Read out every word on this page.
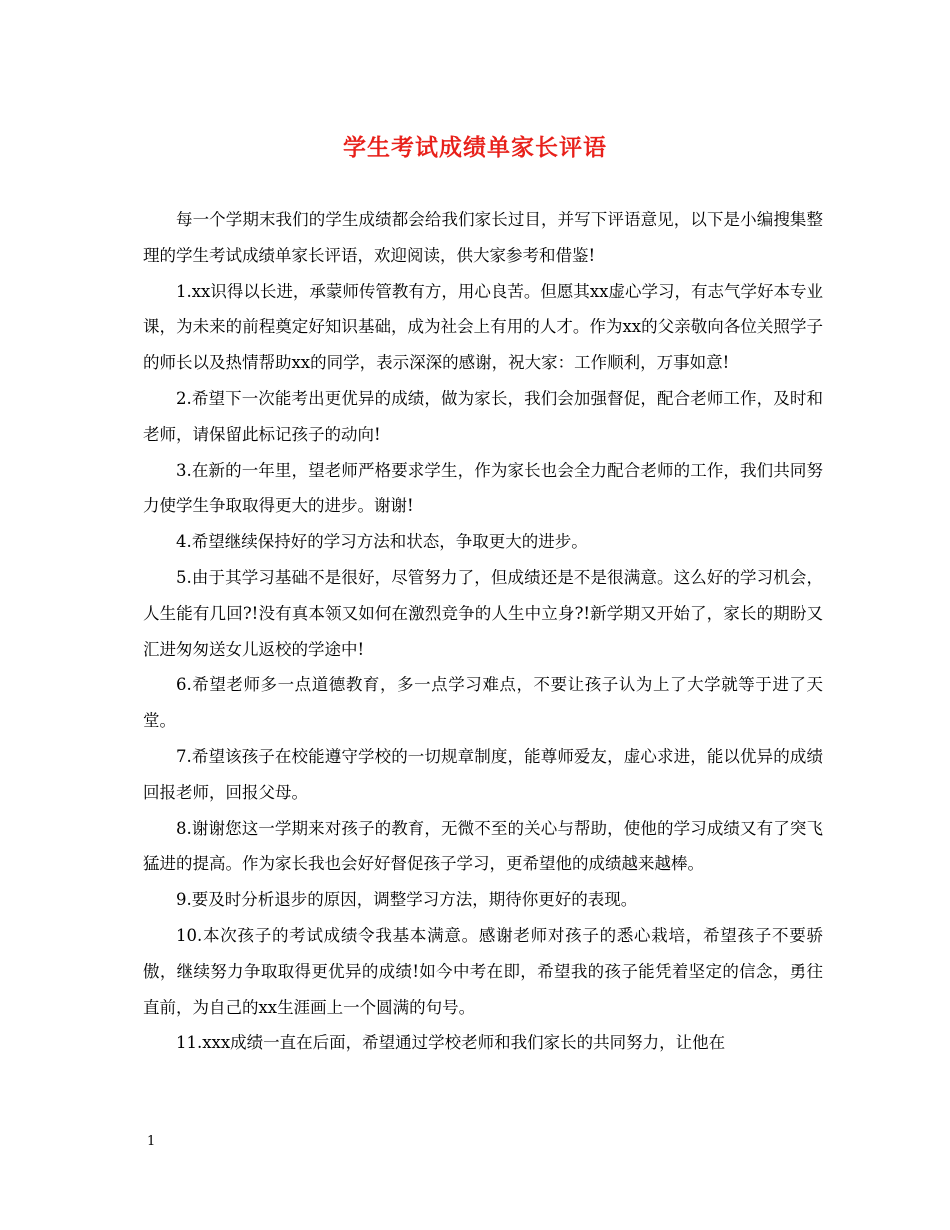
学生考试成绩单家长评语

每一个学期末我们的学生成绩都会给我们家长过目，并写下评语意见，以下是小编搜集整理的学生考试成绩单家长评语，欢迎阅读，供大家参考和借鉴!

1.xx识得以长进，承蒙师传管教有方，用心良苦。但愿其xx虚心学习，有志气学好本专业课，为未来的前程奠定好知识基础，成为社会上有用的人才。作为xx的父亲敬向各位关照学子的师长以及热情帮助xx的同学，表示深深的感谢，祝大家：工作顺利，万事如意!

2.希望下一次能考出更优异的成绩，做为家长，我们会加强督促，配合老师工作，及时和老师，请保留此标记孩子的动向!

3.在新的一年里，望老师严格要求学生，作为家长也会全力配合老师的工作，我们共同努力使学生争取取得更大的进步。谢谢!

4.希望继续保持好的学习方法和状态，争取更大的进步。

5.由于其学习基础不是很好，尽管努力了，但成绩还是不是很满意。这么好的学习机会，人生能有几回?!没有真本领又如何在激烈竞争的人生中立身?!新学期又开始了，家长的期盼又汇进匆匆送女儿返校的学途中!

6.希望老师多一点道德教育，多一点学习难点，不要让孩子认为上了大学就等于进了天堂。

7.希望该孩子在校能遵守学校的一切规章制度，能尊师爱友，虚心求进，能以优异的成绩回报老师，回报父母。

8.谢谢您这一学期来对孩子的教育，无微不至的关心与帮助，使他的学习成绩又有了突飞猛进的提高。作为家长我也会好好督促孩子学习，更希望他的成绩越来越棒。

9.要及时分析退步的原因，调整学习方法，期待你更好的表现。

10.本次孩子的考试成绩令我基本满意。感谢老师对孩子的悉心栽培，希望孩子不要骄傲，继续努力争取取得更优异的成绩!如今中考在即，希望我的孩子能凭着坚定的信念，勇往直前，为自己的xx生涯画上一个圆满的句号。

11.xxx成绩一直在后面，希望通过学校老师和我们家长的共同努力，让他在

1
